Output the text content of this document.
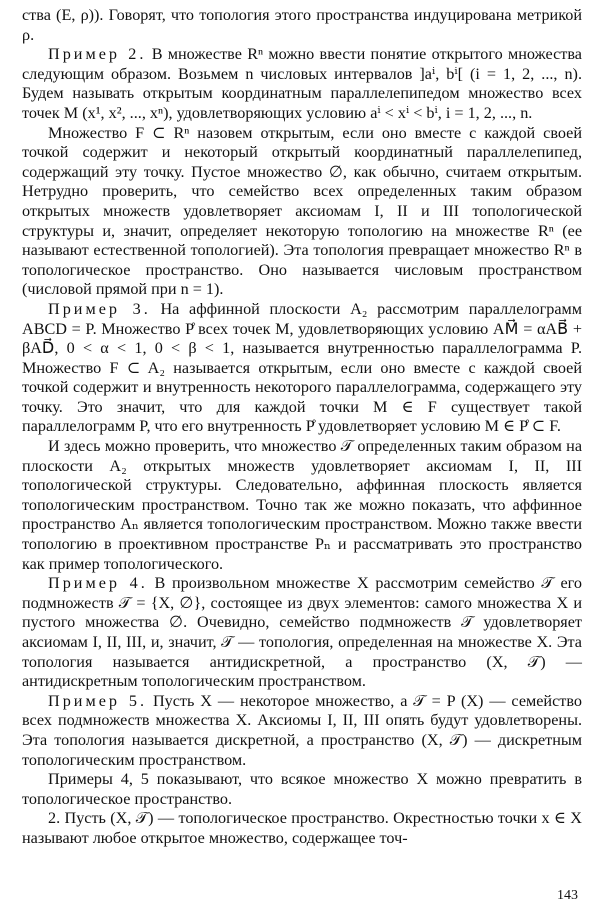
ства (E, ρ)). Говорят, что топология этого пространства индуцирована метрикой ρ.

Пример 2. В множестве Rⁿ можно ввести понятие открытого множества следующим образом. Возьмем n числовых интервалов ]aⁱ, bⁱ[ (i = 1, 2, ..., n). Будем называть открытым координатным параллелепипедом множество всех точек M (x¹, x², ..., xⁿ), удовлетворяющих условию aⁱ < xⁱ < bⁱ, i = 1, 2, ..., n.

Множество F ⊂ Rⁿ назовем открытым, если оно вместе с каждой своей точкой содержит и некоторый открытый координатный параллелепипед, содержащий эту точку. Пустое множество ∅, как обычно, считаем открытым. Нетрудно проверить, что семейство всех определенных таким образом открытых множеств удовлетворяет аксиомам I, II и III топологической структуры и, значит, определяет некоторую топологию на множестве Rⁿ (ее называют естественной топологией). Эта топология превращает множество Rⁿ в топологическое пространство. Оно называется числовым пространством (числовой прямой при n = 1).

Пример 3. На аффинной плоскости A₂ рассмотрим параллелограмм ABCD = P. Множество P̊ всех точек M, удовлетворяющих условию AM⃗ = αAB⃗ + βAD⃗, 0 < α < 1, 0 < β < 1, называется внутренностью параллелограмма P. Множество F ⊂ A₂ называется открытым, если оно вместе с каждой своей точкой содержит и внутренность некоторого параллелограмма, содержащего эту точку. Это значит, что для каждой точки M ∈ F существует такой параллелограмм P, что его внутренность P̊ удовлетворяет условию M ∈ P̊ ⊂ F.

И здесь можно проверить, что множество 𝒯 определенных таким образом на плоскости A₂ открытых множеств удовлетворяет аксиомам I, II, III топологической структуры. Следовательно, аффинная плоскость является топологическим пространством. Точно так же можно показать, что аффинное пространство Aₙ является топологическим пространством. Можно также ввести топологию в проективном пространстве Pₙ и рассматривать это пространство как пример топологического.

Пример 4. В произвольном множестве X рассмотрим семейство 𝒯 его подмножеств 𝒯 = {X, ∅}, состоящее из двух элементов: самого множества X и пустого множества ∅. Очевидно, семейство подмножеств 𝒯 удовлетворяет аксиомам I, II, III, и, значит, 𝒯 — топология, определенная на множестве X. Эта топология называется антидискретной, а пространство (X, 𝒯) — антидискретным топологическим пространством.

Пример 5. Пусть X — некоторое множество, а 𝒯 = P (X) — семейство всех подмножеств множества X. Аксиомы I, II, III опять будут удовлетворены. Эта топология называется дискретной, а пространство (X, 𝒯) — дискретным топологическим пространством.

Примеры 4, 5 показывают, что всякое множество X можно превратить в топологическое пространство.

2. Пусть (X, 𝒯) — топологическое пространство. Окрестностью точки x ∈ X называют любое открытое множество, содержащее точ-

143
